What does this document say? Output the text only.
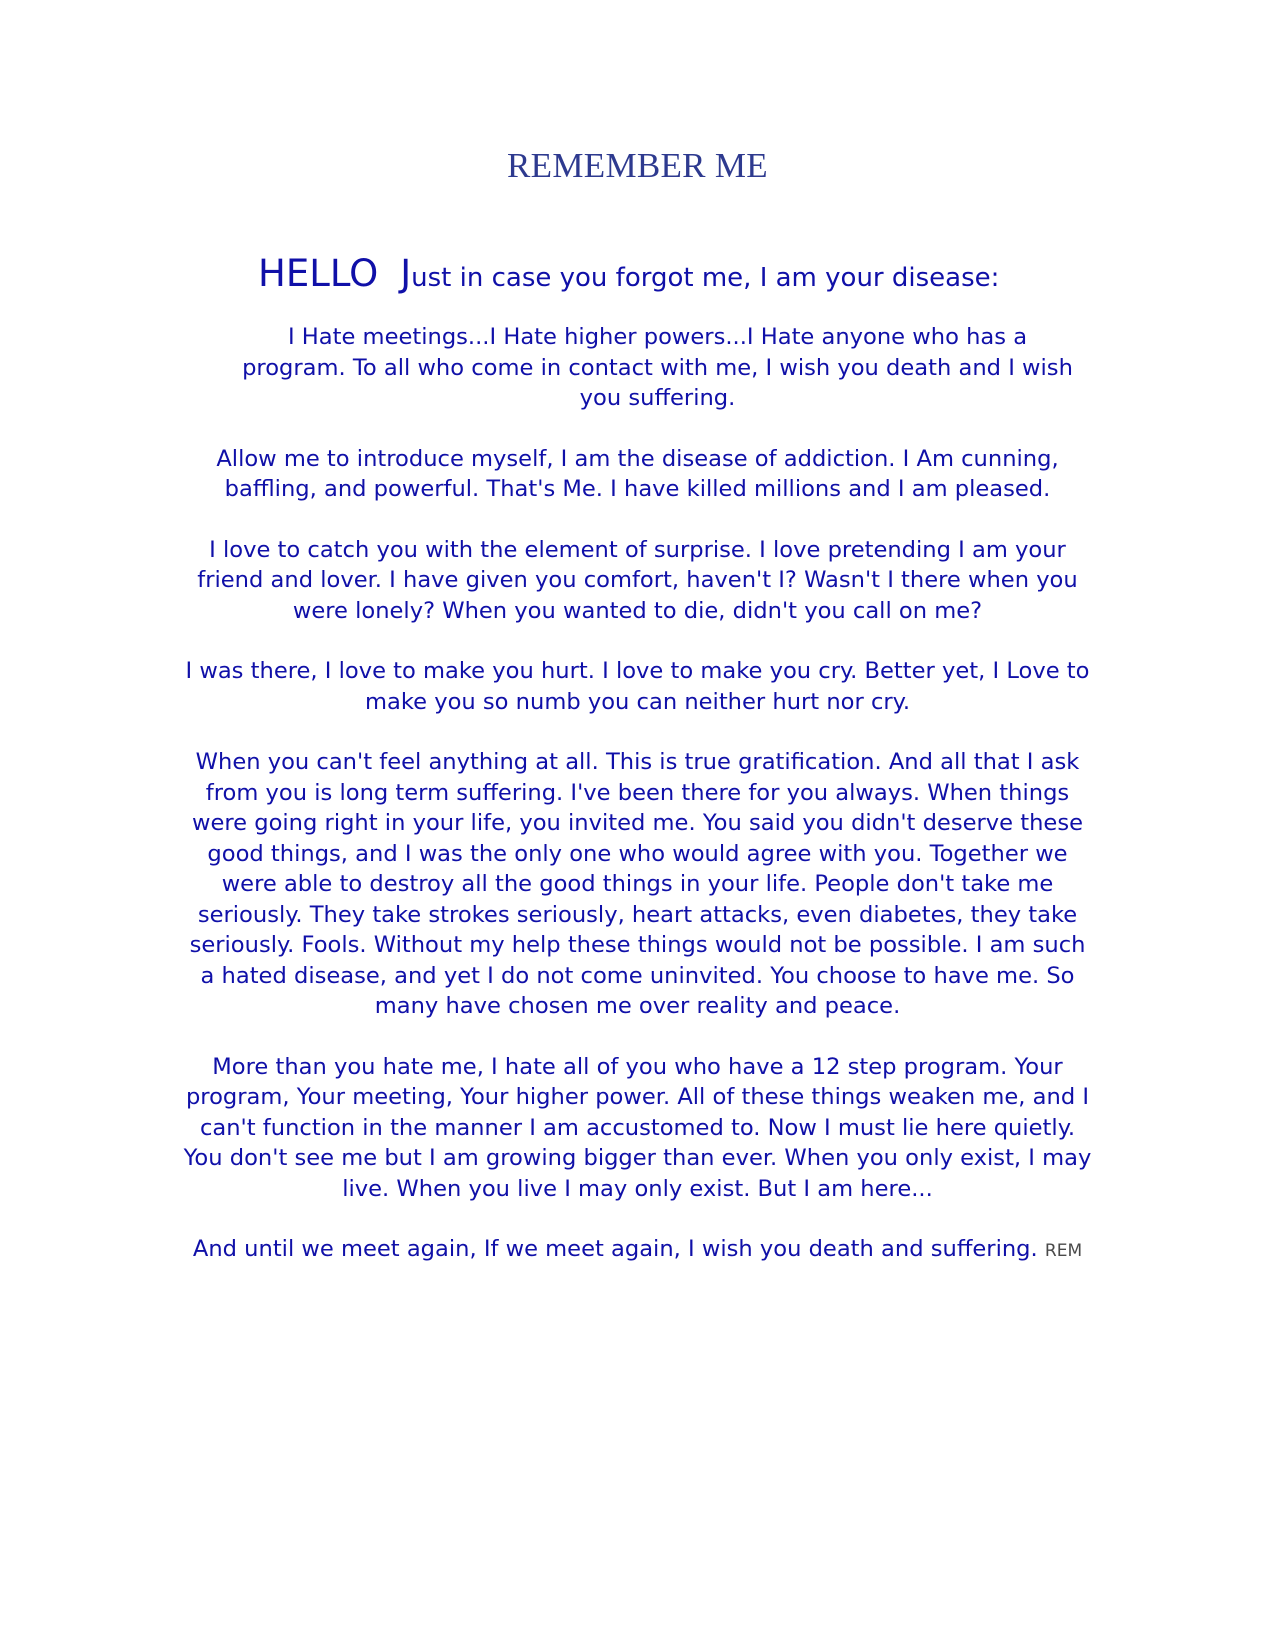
REMEMBER ME

HELLO Just in case you forgot me, I am your disease:

I Hate meetings...I Hate higher powers...I Hate anyone who has a program. To all who come in contact with me, I wish you death and I wish you suffering.

Allow me to introduce myself, I am the disease of addiction. I Am cunning, baffling, and powerful. That's Me. I have killed millions and I am pleased.

I love to catch you with the element of surprise. I love pretending I am your friend and lover. I have given you comfort, haven't I? Wasn't I there when you were lonely? When you wanted to die, didn't you call on me?

I was there, I love to make you hurt. I love to make you cry. Better yet, I Love to make you so numb you can neither hurt nor cry.

When you can't feel anything at all. This is true gratification. And all that I ask from you is long term suffering. I've been there for you always. When things were going right in your life, you invited me. You said you didn't deserve these good things, and I was the only one who would agree with you. Together we were able to destroy all the good things in your life. People don't take me seriously. They take strokes seriously, heart attacks, even diabetes, they take seriously. Fools. Without my help these things would not be possible. I am such a hated disease, and yet I do not come uninvited. You choose to have me. So many have chosen me over reality and peace.

More than you hate me, I hate all of you who have a 12 step program. Your program, Your meeting, Your higher power. All of these things weaken me, and I can't function in the manner I am accustomed to. Now I must lie here quietly. You don't see me but I am growing bigger than ever. When you only exist, I may live. When you live I may only exist. But I am here...

And until we meet again, If we meet again, I wish you death and suffering. REM
